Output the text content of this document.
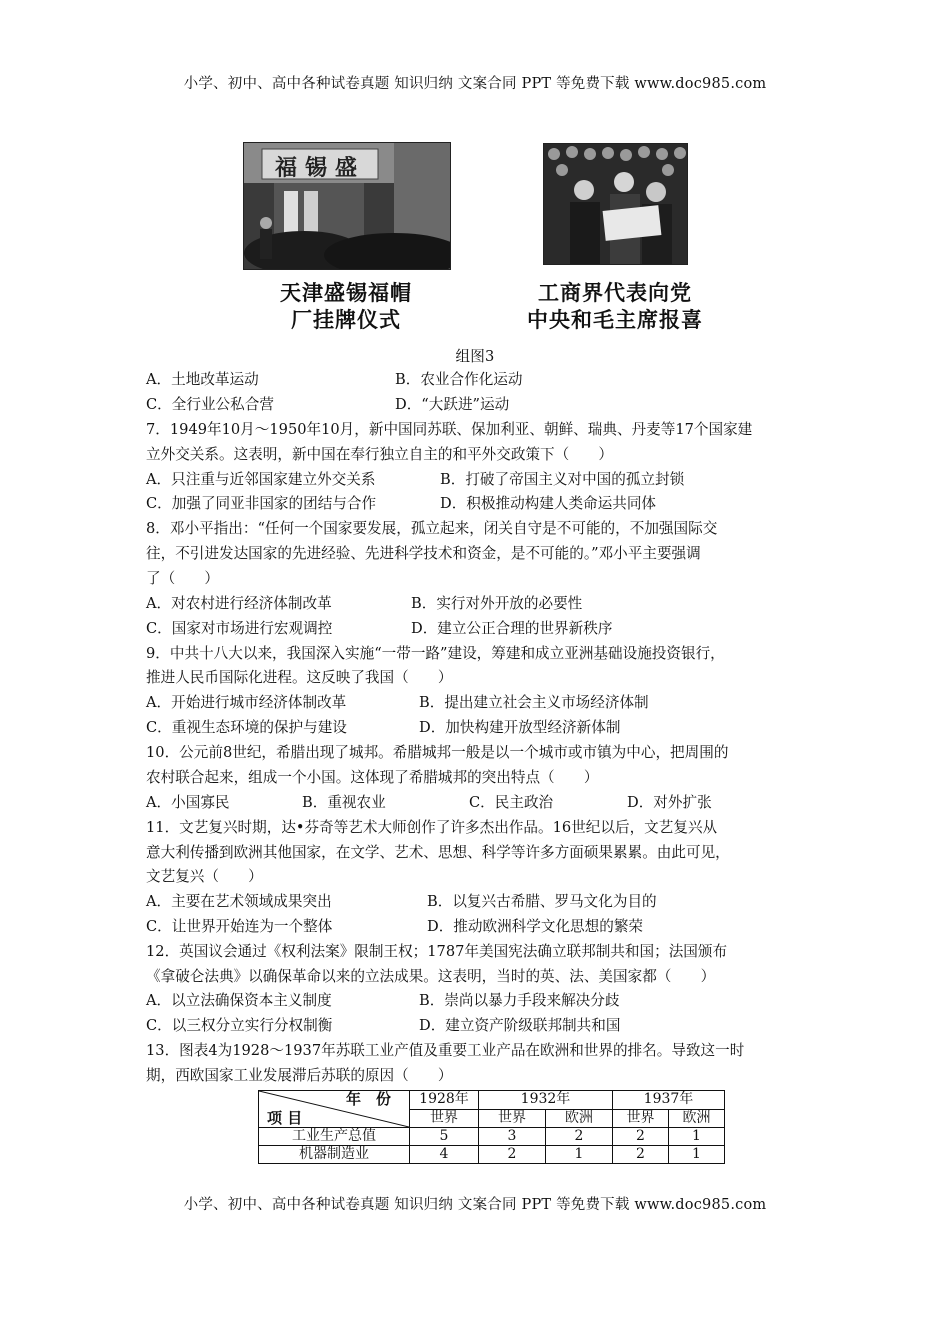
小学、初中、高中各种试卷真题 知识归纳 文案合同 PPT 等免费下载 www.doc985.com
福锡盛
天津盛锡福帽
厂挂牌仪式
工商界代表向党
中央和毛主席报喜
组图3
A．土地改革运动	B．农业合作化运动
C．全行业公私合营	D．“大跃进”运动
7．1949年10月～1950年10月，新中国同苏联、保加利亚、朝鲜、瑞典、丹麦等17个国家建
立外交关系。这表明，新中国在奉行独立自主的和平外交政策下（　　）
A．只注重与近邻国家建立外交关系	B．打破了帝国主义对中国的孤立封锁
C．加强了同亚非国家的团结与合作	D．积极推动构建人类命运共同体
8．邓小平指出：“任何一个国家要发展，孤立起来，闭关自守是不可能的，不加强国际交
往，不引进发达国家的先进经验、先进科学技术和资金，是不可能的。”邓小平主要强调
了（　　）
A．对农村进行经济体制改革	B．实行对外开放的必要性
C．国家对市场进行宏观调控	D．建立公正合理的世界新秩序
9．中共十八大以来，我国深入实施“一带一路”建设，筹建和成立亚洲基础设施投资银行，
推进人民币国际化进程。这反映了我国（　　）
A．开始进行城市经济体制改革	B．提出建立社会主义市场经济体制
C．重视生态环境的保护与建设	D．加快构建开放型经济新体制
10．公元前8世纪，希腊出现了城邦。希腊城邦一般是以一个城市或市镇为中心，把周围的
农村联合起来，组成一个小国。这体现了希腊城邦的突出特点（　　）
A．小国寡民	B．重视农业	C．民主政治	D．对外扩张
11．文艺复兴时期，达•芬奇等艺术大师创作了许多杰出作品。16世纪以后，文艺复兴从
意大利传播到欧洲其他国家，在文学、艺术、思想、科学等许多方面硕果累累。由此可见，
文艺复兴（　　）
A．主要在艺术领域成果突出	B．以复兴古希腊、罗马文化为目的
C．让世界开始连为一个整体	D．推动欧洲科学文化思想的繁荣
12．英国议会通过《权利法案》限制王权；1787年美国宪法确立联邦制共和国；法国颁布
《拿破仑法典》以确保革命以来的立法成果。这表明，当时的英、法、美国家都（　　）
A．以立法确保资本主义制度	B．崇尚以暴力手段来解决分歧
C．以三权分立实行分权制衡	D．建立资产阶级联邦制共和国
13．图表4为1928～1937年苏联工业产值及重要工业产品在欧洲和世界的排名。导致这一时
期，西欧国家工业发展滞后苏联的原因（　　）
年　份
项 目	1928年	1932年		1937年	
	世界	世界	欧洲	世界	欧洲
工业生产总值	5	3	2	2	1
机器制造业	4	2	1	2	1
小学、初中、高中各种试卷真题 知识归纳 文案合同 PPT 等免费下载 www.doc985.com
